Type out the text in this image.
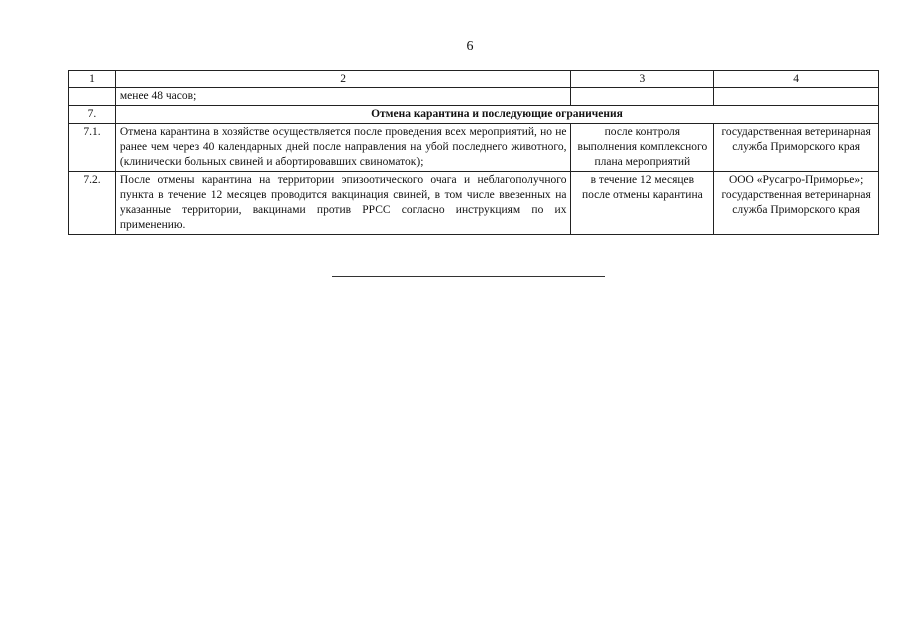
6
1	2	3	4
	менее 48 часов;		
7.	Отмена карантина и последующие ограничения		
7.1.	Отмена карантина в хозяйстве осуществляется после проведения всех мероприятий, но не ранее чем через 40 календарных дней после направления на убой последнего животного, (клинически больных свиней и абортировавших свиноматок);	после контроля выполнения комплексного плана мероприятий	государственная ветеринарная служба Приморского края
7.2.	После отмены карантина на территории эпизоотического очага и неблагополучного пункта в течение 12 месяцев проводится вакцинация свиней, в том числе ввезенных на указанные территории, вакцинами против РРСС согласно инструкциям по их применению.	в течение 12 месяцев после отмены карантина	ООО «Русагро-Приморье»; государственная ветеринарная служба Приморского края
